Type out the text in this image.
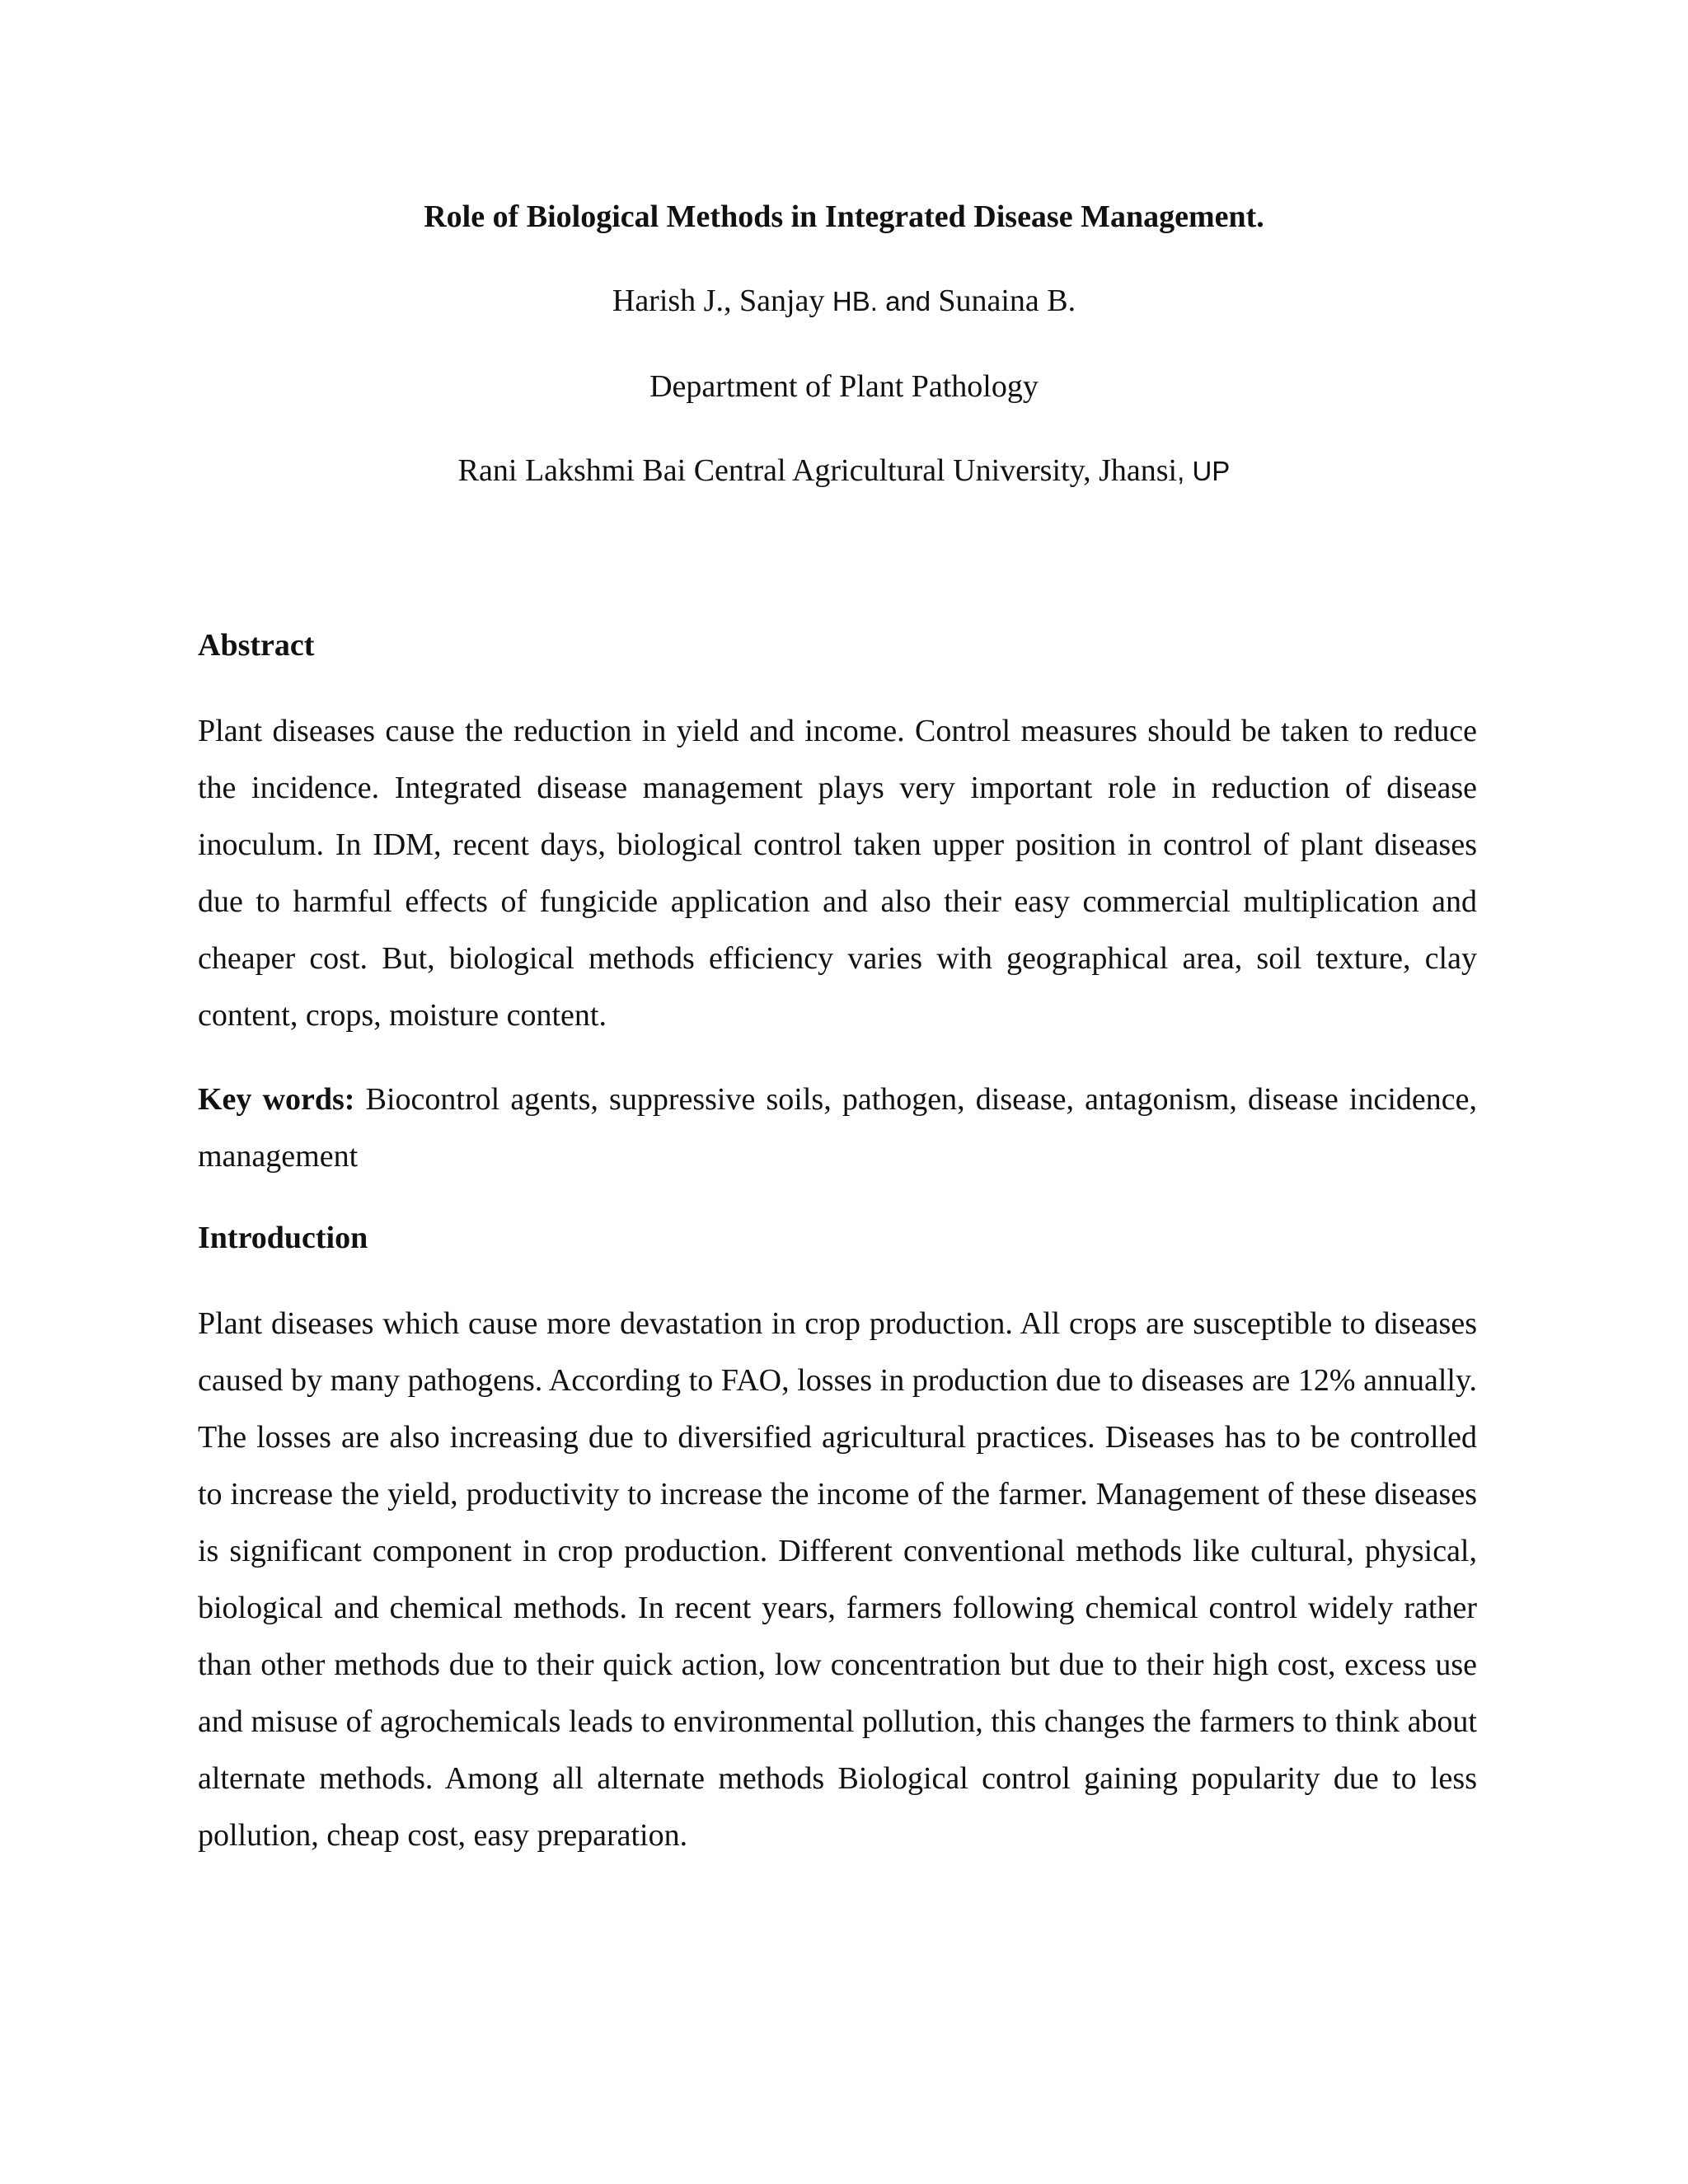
Role of Biological Methods in Integrated Disease Management.
Harish J., Sanjay HB. and Sunaina B.
Department of Plant Pathology
Rani Lakshmi Bai Central Agricultural University, Jhansi, UP
Abstract

Plant diseases cause the reduction in yield and income. Control measures should be taken to reduce the incidence. Integrated disease management plays very important role in reduction of disease inoculum. In IDM, recent days, biological control taken upper position in control of plant diseases due to harmful effects of fungicide application and also their easy commercial multiplication and cheaper cost. But, biological methods efficiency varies with geographical area, soil texture, clay content, crops, moisture content.

Key words: Biocontrol agents, suppressive soils, pathogen, disease, antagonism, disease incidence, management

Introduction

Plant diseases which cause more devastation in crop production. All crops are susceptible to diseases caused by many pathogens. According to FAO, losses in production due to diseases are 12% annually. The losses are also increasing due to diversified agricultural practices. Diseases has to be controlled to increase the yield, productivity to increase the income of the farmer. Management of these diseases is significant component in crop production. Different conventional methods like cultural, physical, biological and chemical methods. In recent years, farmers following chemical control widely rather than other methods due to their quick action, low concentration but due to their high cost, excess use and misuse of agrochemicals leads to environmental pollution, this changes the farmers to think about alternate methods. Among all alternate methods Biological control gaining popularity due to less pollution, cheap cost, easy preparation.
